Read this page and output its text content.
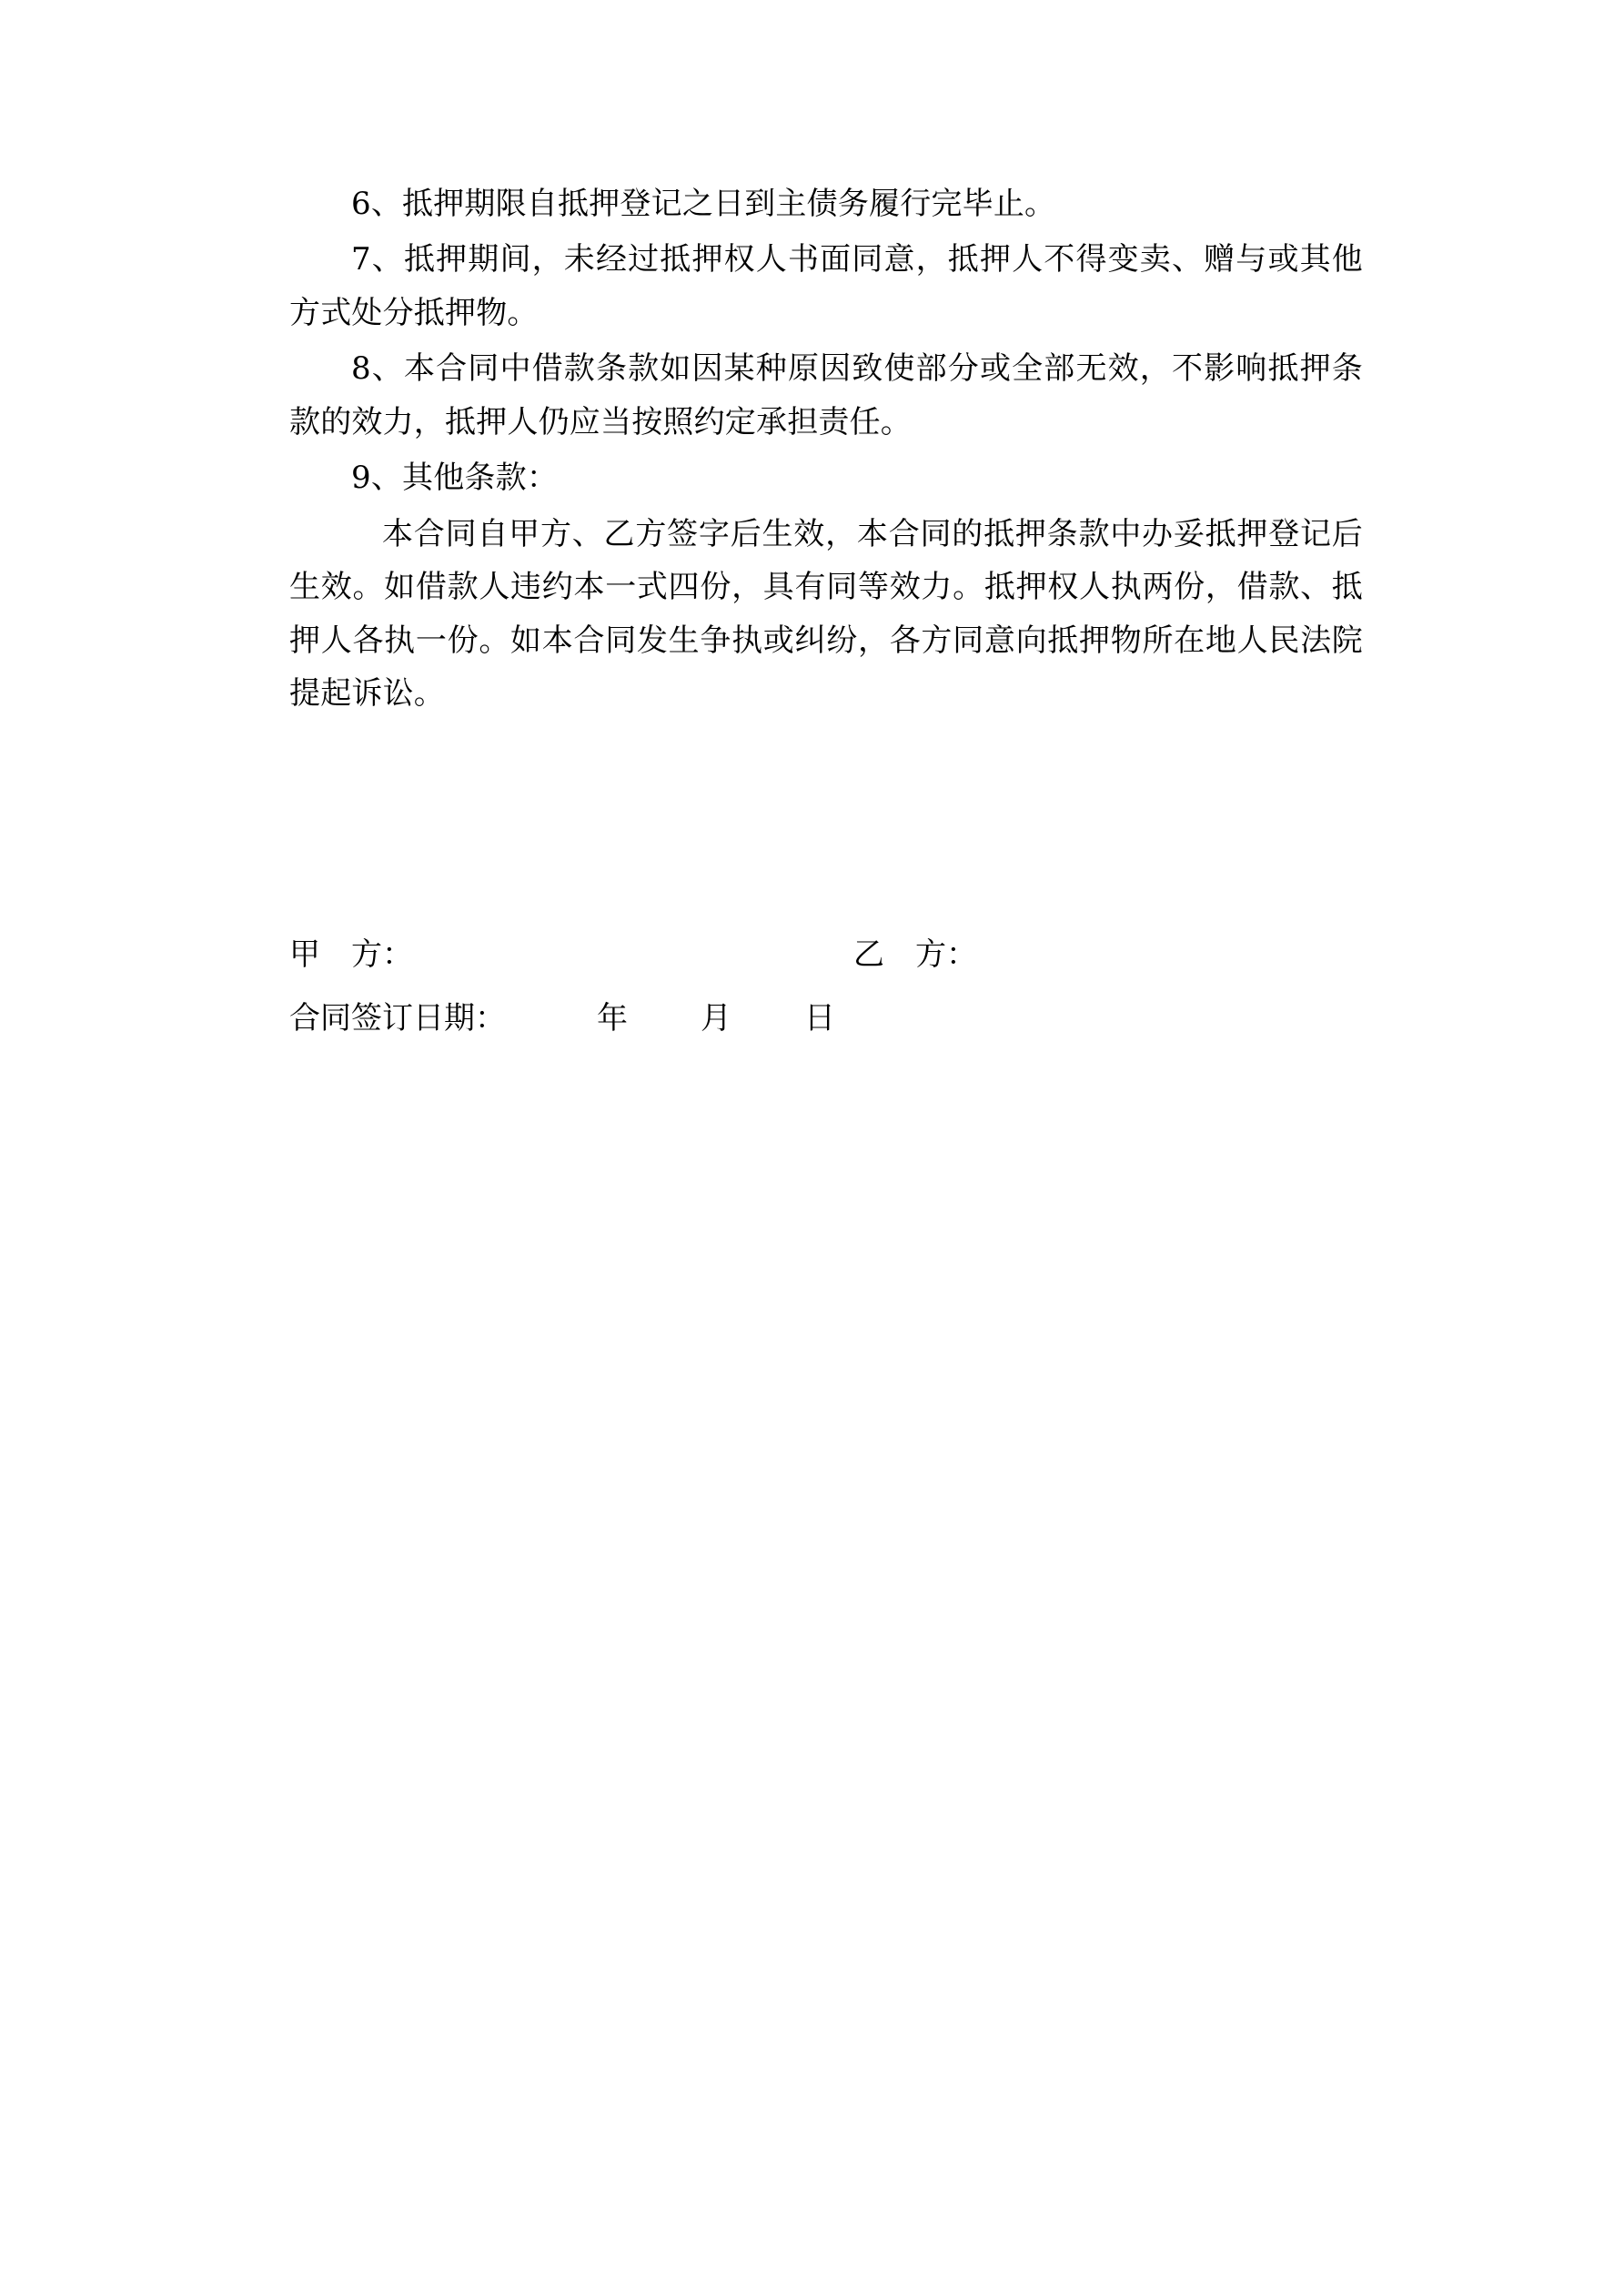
6、抵押期限自抵押登记之日到主债务履行完毕止。

7、抵押期间，未经过抵押权人书面同意，抵押人不得变卖、赠与或其他方式处分抵押物。

8、本合同中借款条款如因某种原因致使部分或全部无效，不影响抵押条款的效力，抵押人仍应当按照约定承担责任。

9、其他条款：

本合同自甲方、乙方签字后生效，本合同的抵押条款中办妥抵押登记后生效。如借款人违约本一式四份，具有同等效力。抵押权人执两份，借款、抵押人各执一份。如本合同发生争执或纠纷，各方同意向抵押物所在地人民法院提起诉讼。

甲　方：	乙　方：
合同签订日期：	年 月 日
